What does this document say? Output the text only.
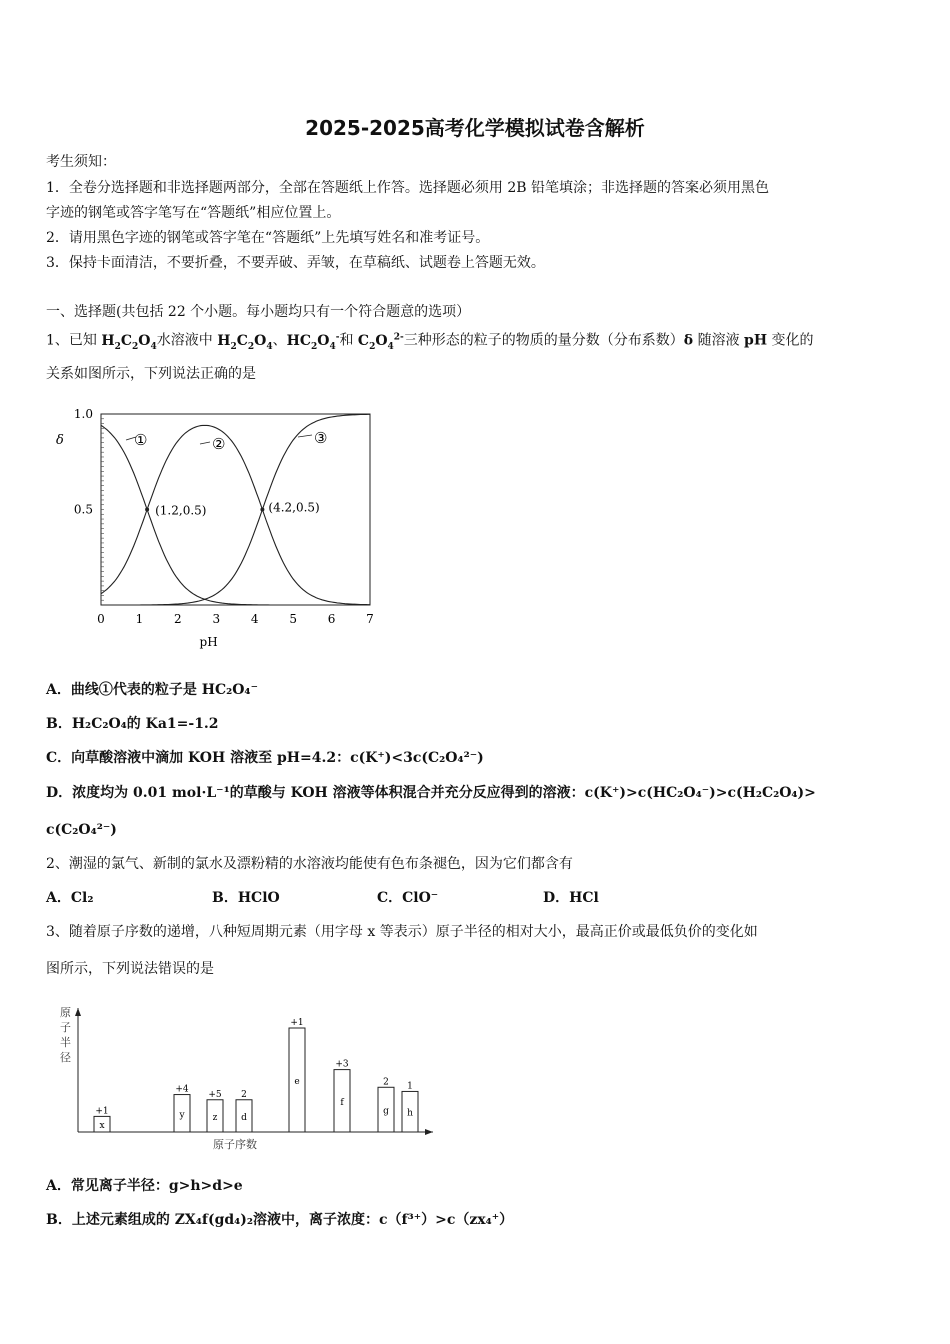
2025-2025高考化学模拟试卷含解析
考生须知：
1．全卷分选择题和非选择题两部分，全部在答题纸上作答。选择题必须用 2B 铅笔填涂；非选择题的答案必须用黑色
字迹的钢笔或答字笔写在“答题纸”相应位置上。
2．请用黑色字迹的钢笔或答字笔在“答题纸”上先填写姓名和准考证号。
3．保持卡面清洁，不要折叠，不要弄破、弄皱，在草稿纸、试题卷上答题无效。
一、选择题(共包括 22 个小题。每小题均只有一个符合题意的选项）
1、已知 $H_2C_2O_4$水溶液中 $H_2C_2O_4$、$HC_2O_4^-$和 $C_2O_4^{2-}$三种形态的粒子的物质的量分数（分布系数）δ 随溶液 pH 变化的
关系如图所示，下列说法正确的是
①	②	③
(1.2,0.5)	(4.2,0.5)
0	1	2	3	4	5	6	7
0.5
1.0
δ
pH
A．曲线①代表的粒子是 HC₂O₄⁻
B．H₂C₂O₄的 Ka1=-1.2
C．向草酸溶液中滴加 KOH 溶液至 pH=4.2：c(K⁺)<3c(C₂O₄²⁻)
D．浓度均为 0.01 mol·L⁻¹的草酸与 KOH 溶液等体积混合并充分反应得到的溶液：c(K⁺)>c(HC₂O₄⁻)>c(H₂C₂O₄)>
c(C₂O₄²⁻)
2、潮湿的氯气、新制的氯水及漂粉精的水溶液均能使有色布条褪色，因为它们都含有
A．Cl₂	B．HClO	C．ClO⁻	D．HCl
3、随着原子序数的递增，八种短周期元素（用字母 x 等表示）原子半径的相对大小，最高正价或最低负价的变化如
图所示，下列说法错误的是
原
子
半
径
原子序数
x
+1	y
+4
z
+5
d
2
e
+1
f
+3
g
2
h
1
A．常见离子半径：g>h>d>e
B．上述元素组成的 ZX₄f(gd₄)₂溶液中，离子浓度：c（f³⁺）>c（zx₄⁺）
